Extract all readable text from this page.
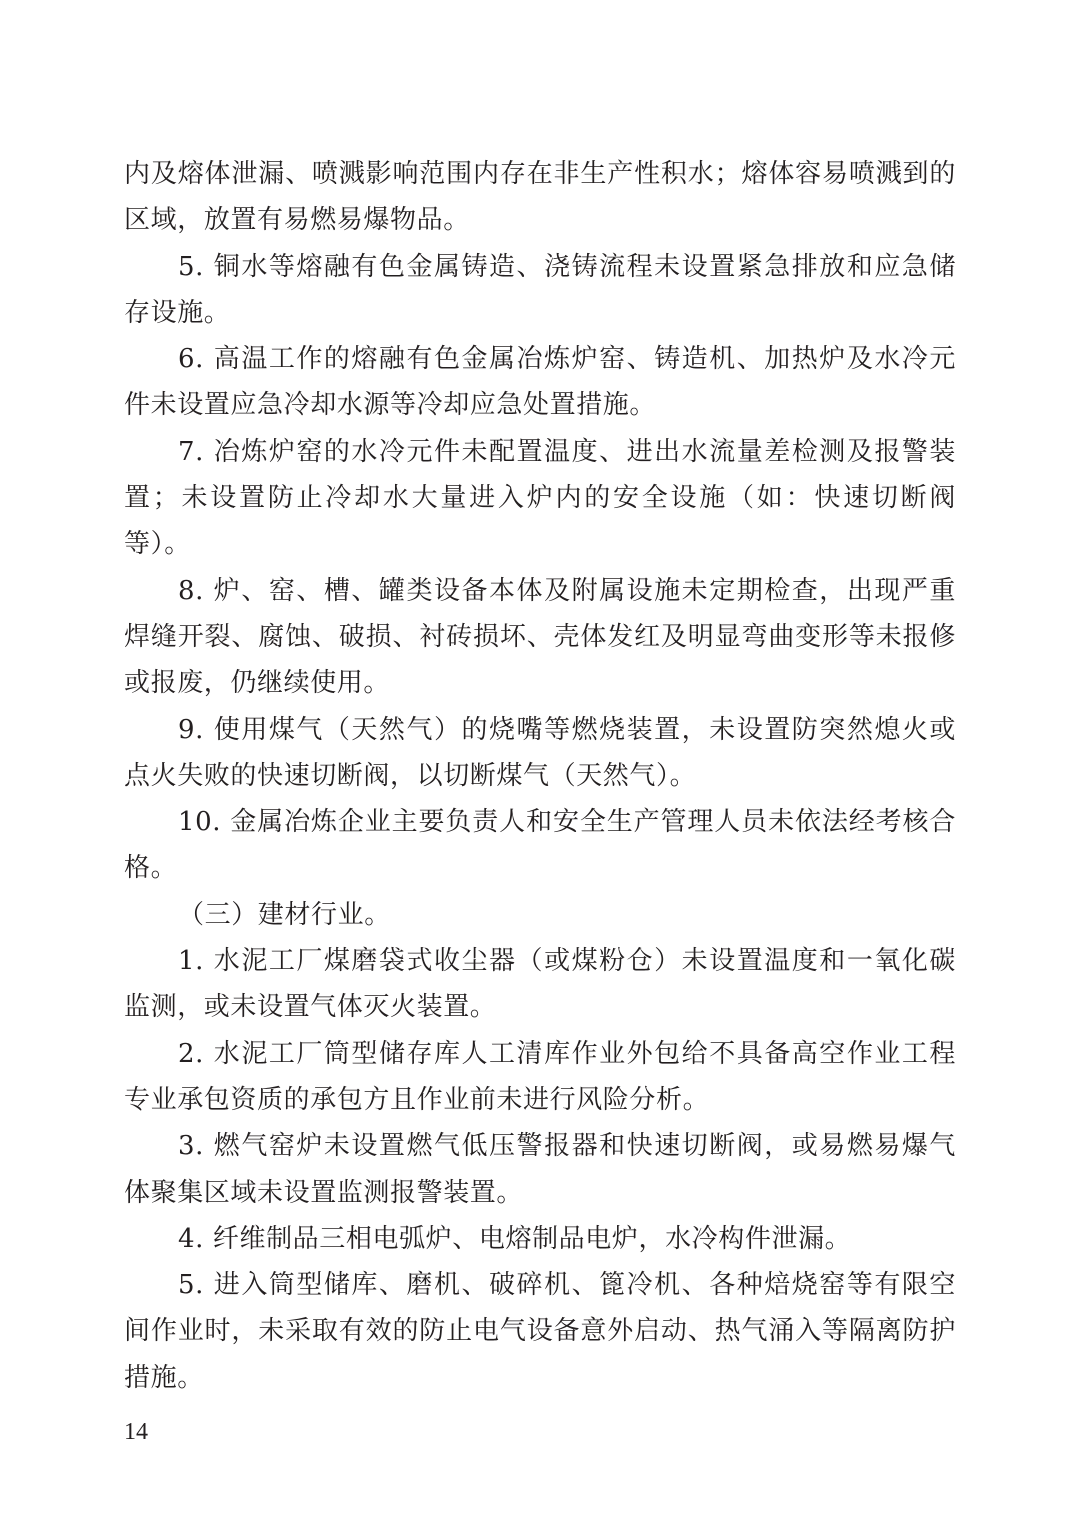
内及熔体泄漏、喷溅影响范围内存在非生产性积水；熔体容易喷溅到的区域，放置有易燃易爆物品。

5. 铜水等熔融有色金属铸造、浇铸流程未设置紧急排放和应急储存设施。

6. 高温工作的熔融有色金属冶炼炉窑、铸造机、加热炉及水冷元件未设置应急冷却水源等冷却应急处置措施。

7. 冶炼炉窑的水冷元件未配置温度、进出水流量差检测及报警装置；未设置防止冷却水大量进入炉内的安全设施（如：快速切断阀等）。

8. 炉、窑、槽、罐类设备本体及附属设施未定期检查，出现严重焊缝开裂、腐蚀、破损、衬砖损坏、壳体发红及明显弯曲变形等未报修或报废，仍继续使用。

9. 使用煤气（天然气）的烧嘴等燃烧装置，未设置防突然熄火或点火失败的快速切断阀，以切断煤气（天然气）。

10. 金属冶炼企业主要负责人和安全生产管理人员未依法经考核合格。

（三）建材行业。

1. 水泥工厂煤磨袋式收尘器（或煤粉仓）未设置温度和一氧化碳监测，或未设置气体灭火装置。

2. 水泥工厂筒型储存库人工清库作业外包给不具备高空作业工程专业承包资质的承包方且作业前未进行风险分析。

3. 燃气窑炉未设置燃气低压警报器和快速切断阀，或易燃易爆气体聚集区域未设置监测报警装置。

4. 纤维制品三相电弧炉、电熔制品电炉，水冷构件泄漏。

5. 进入筒型储库、磨机、破碎机、篦冷机、各种焙烧窑等有限空间作业时，未采取有效的防止电气设备意外启动、热气涌入等隔离防护措施。

14
